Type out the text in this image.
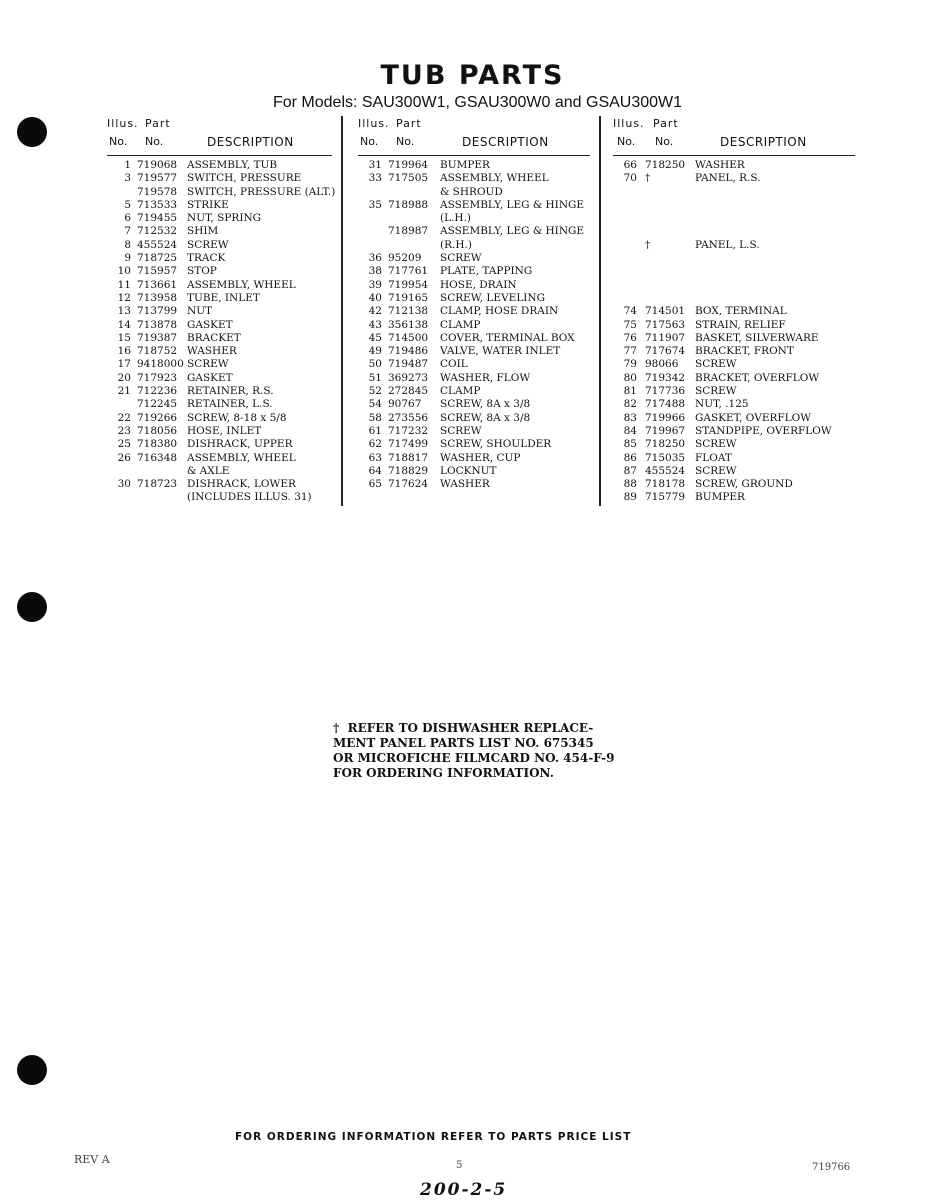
TUB PARTS
For Models: SAU300W1, GSAU300W0 and GSAU300W1
Illus. Part
No. No.	DESCRIPTION
1 719068 ASSEMBLY, TUB
3 719577 SWITCH, PRESSURE
719578 SWITCH, PRESSURE (ALT.)
5 713533 STRIKE
6 719455 NUT, SPRING
7 712532 SHIM
8 455524 SCREW
9 718725 TRACK
10 715957 STOP
11 713661 ASSEMBLY, WHEEL
12 713958 TUBE, INLET
13 713799 NUT
14 713878 GASKET
15 719387 BRACKET
16 718752 WASHER
17 9418000 SCREW
20 717923 GASKET
21 712236 RETAINER, R.S.
712245 RETAINER, L.S.
22 719266 SCREW, 8-18 x 5/8
23 718056 HOSE, INLET
25 718380 DISHRACK, UPPER
26 716348 ASSEMBLY, WHEEL
& AXLE
30 718723 DISHRACK, LOWER
(INCLUDES ILLUS. 31)
Illus. Part
No. No.	DESCRIPTION
31 719964 BUMPER
33 717505 ASSEMBLY, WHEEL
& SHROUD
35 718988 ASSEMBLY, LEG & HINGE
(L.H.)
718987 ASSEMBLY, LEG & HINGE
(R.H.)
36 95209 SCREW
38 717761 PLATE, TAPPING
39 719954 HOSE, DRAIN
40 719165 SCREW, LEVELING
42 712138 CLAMP, HOSE DRAIN
43 356138 CLAMP
45 714500 COVER, TERMINAL BOX
49 719486 VALVE, WATER INLET
50 719487 COIL
51 369273 WASHER, FLOW
52 272845 CLAMP
54 90767 SCREW, 8A x 3/8
58 273556 SCREW, 8A x 3/8
61 717232 SCREW
62 717499 SCREW, SHOULDER
63 718817 WASHER, CUP
64 718829 LOCKNUT
65 717624 WASHER
Illus. Part
No. No.	DESCRIPTION
66 718250 WASHER
70 †	PANEL, R.S.
†	PANEL, L.S.
74 714501 BOX, TERMINAL
75 717563 STRAIN, RELIEF
76 711907 BASKET, SILVERWARE
77 717674 BRACKET, FRONT
79 98066 SCREW
80 719342 BRACKET, OVERFLOW
81 717736 SCREW
82 717488 NUT, .125
83 719966 GASKET, OVERFLOW
84 719967 STANDPIPE, OVERFLOW
85 718250 SCREW
86 715035 FLOAT
87 455524 SCREW
88 718178 SCREW, GROUND
89 715779 BUMPER
†  REFER TO DISHWASHER REPLACE-
MENT PANEL PARTS LIST NO. 675345
OR MICROFICHE FILMCARD NO. 454-F-9
FOR ORDERING INFORMATION.
FOR ORDERING INFORMATION REFER TO PARTS PRICE LIST
REV A	5	719766
200-2-5
